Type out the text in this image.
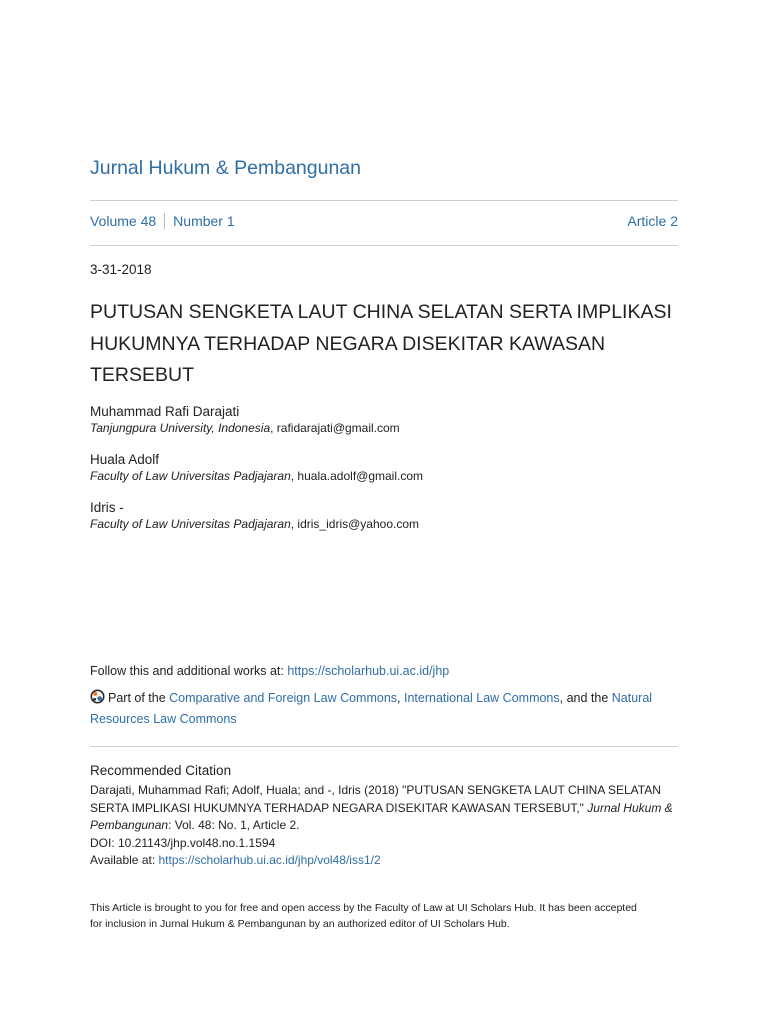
Jurnal Hukum & Pembangunan
Volume 48 Number 1	Article 2
3-31-2018
PUTUSAN SENGKETA LAUT CHINA SELATAN SERTA IMPLIKASI
HUKUMNYA TERHADAP NEGARA DISEKITAR KAWASAN
TERSEBUT
Muhammad Rafi Darajati
Tanjungpura University, Indonesia, rafidarajati@gmail.com
Huala Adolf
Faculty of Law Universitas Padjajaran, huala.adolf@gmail.com
Idris -
Faculty of Law Universitas Padjajaran, idris_idris@yahoo.com
Follow this and additional works at: https://scholarhub.ui.ac.id/jhp
Part of the Comparative and Foreign Law Commons, International Law Commons, and the Natural Resources Law Commons
Recommended Citation
Darajati, Muhammad Rafi; Adolf, Huala; and -, Idris (2018) "PUTUSAN SENGKETA LAUT CHINA SELATAN SERTA IMPLIKASI HUKUMNYA TERHADAP NEGARA DISEKITAR KAWASAN TERSEBUT," Jurnal Hukum & Pembangunan: Vol. 48: No. 1, Article 2.
DOI: 10.21143/jhp.vol48.no.1.1594
Available at: https://scholarhub.ui.ac.id/jhp/vol48/iss1/2
This Article is brought to you for free and open access by the Faculty of Law at UI Scholars Hub. It has been accepted for inclusion in Jurnal Hukum & Pembangunan by an authorized editor of UI Scholars Hub.
